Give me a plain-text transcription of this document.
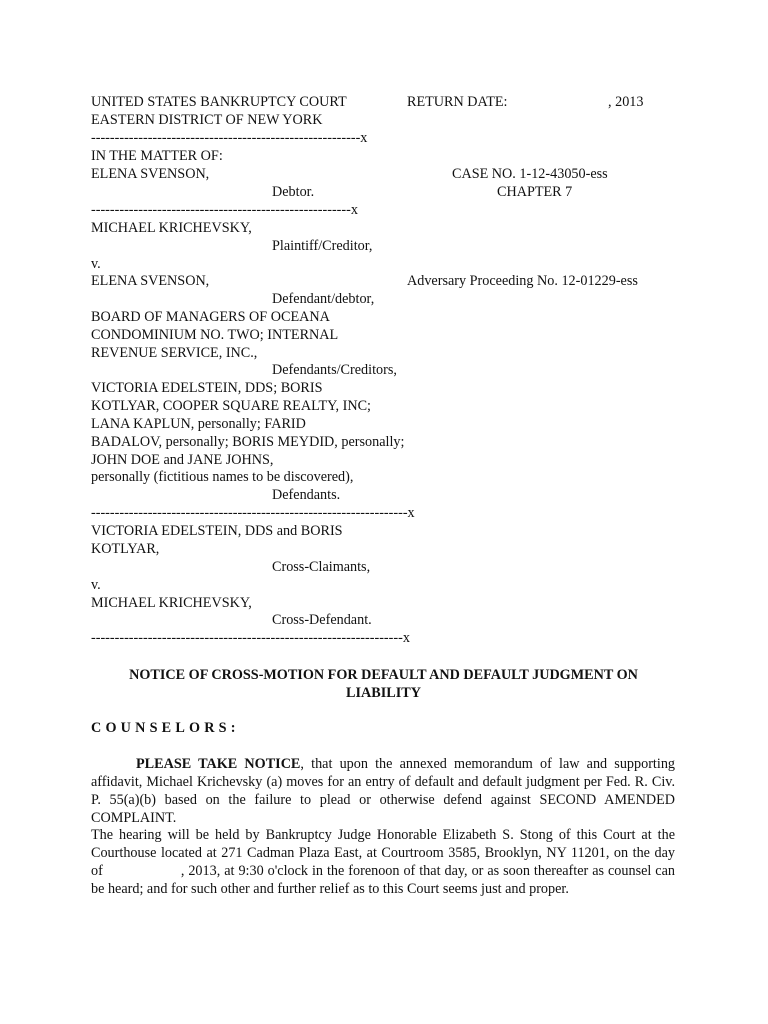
UNITED STATES BANKRUPTCY COURT	RETURN DATE:	, 2013
EASTERN DISTRICT OF NEW YORK
---------------------------------------------------------x
IN THE MATTER OF:
ELENA SVENSON,	CASE NO. 1-12-43050-ess
Debtor.	CHAPTER 7
-------------------------------------------------------x
MICHAEL KRICHEVSKY,
Plaintiff/Creditor,
v.
ELENA SVENSON,	Adversary Proceeding No. 12-01229-ess
Defendant/debtor,
BOARD OF MANAGERS OF OCEANA
CONDOMINIUM NO. TWO; INTERNAL
REVENUE SERVICE, INC.,
Defendants/Creditors,
VICTORIA EDELSTEIN, DDS; BORIS
KOTLYAR, COOPER SQUARE REALTY, INC;
LANA KAPLUN, personally; FARID
BADALOV, personally; BORIS MEYDID, personally;
JOHN DOE and JANE JOHNS,
personally (fictitious names to be discovered),
Defendants.
-------------------------------------------------------------------x
VICTORIA EDELSTEIN, DDS and BORIS
KOTLYAR,
Cross-Claimants,
v.
MICHAEL KRICHEVSKY,
Cross-Defendant.
------------------------------------------------------------------x
NOTICE OF CROSS-MOTION FOR DEFAULT AND DEFAULT JUDGMENT ON LIABILITY
COUNSELORS:
PLEASE TAKE NOTICE, that upon the annexed memorandum of law and supporting affidavit, Michael Krichevsky (a) moves for an entry of default and default judgment per Fed. R. Civ. P. 55(a)(b) based on the failure to plead or otherwise defend against SECOND AMENDED COMPLAINT.
The hearing will be held by Bankruptcy Judge Honorable Elizabeth S. Stong of this Court at the Courthouse located at 271 Cadman Plaza East, at Courtroom 3585, Brooklyn, NY 11201, on the day of	, 2013, at 9:30 o'clock in the forenoon of that day, or as soon thereafter as counsel can be heard; and for such other and further relief as to this Court seems just and proper.
